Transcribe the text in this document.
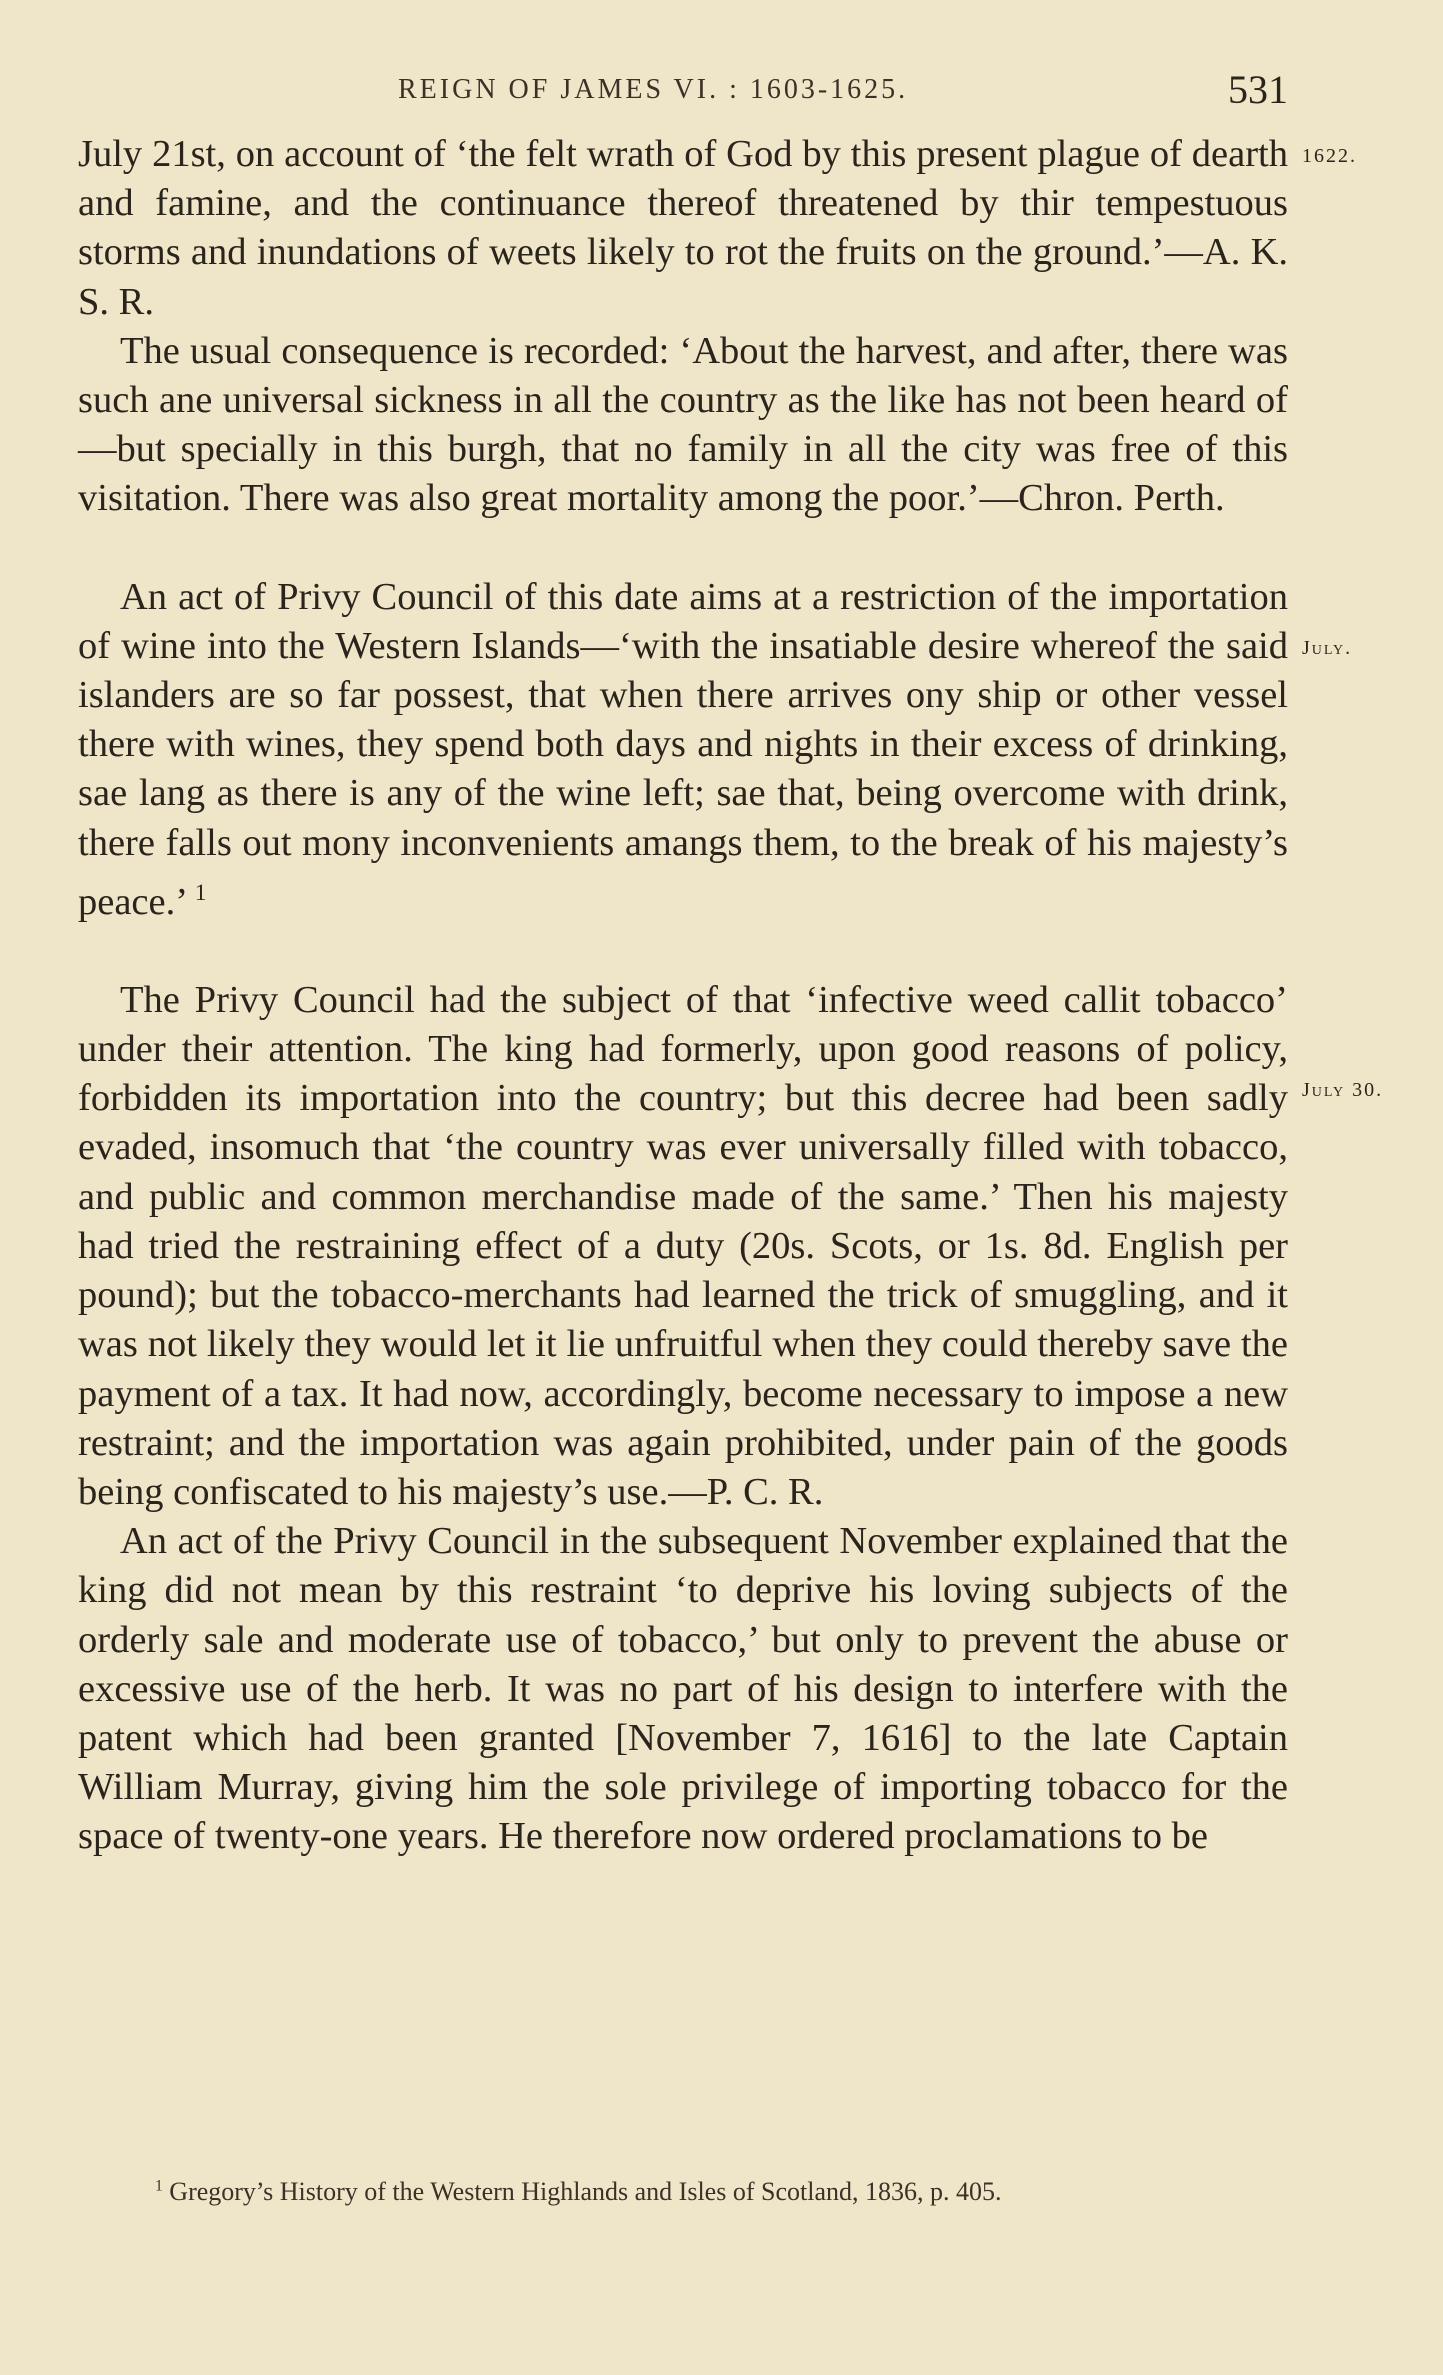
REIGN OF JAMES VI. : 1603-1625.	531
1622.
July.
July 30.

July 21st, on account of ‘the felt wrath of God by this present plague of dearth and famine, and the continuance thereof threatened by thir tempestuous storms and inundations of weets likely to rot the fruits on the ground.’—A. K. S. R.

The usual consequence is recorded: ‘About the harvest, and after, there was such ane universal sickness in all the country as the like has not been heard of—but specially in this burgh, that no family in all the city was free of this visitation. There was also great mortality among the poor.’—Chron. Perth.

An act of Privy Council of this date aims at a restriction of the importation of wine into the Western Islands—‘with the insatiable desire whereof the said islanders are so far possest, that when there arrives ony ship or other vessel there with wines, they spend both days and nights in their excess of drinking, sae lang as there is any of the wine left; sae that, being overcome with drink, there falls out mony inconvenients amangs them, to the break of his majesty’s peace.’ $^1$

The Privy Council had the subject of that ‘infective weed callit tobacco’ under their attention. The king had formerly, upon good reasons of policy, forbidden its importation into the country; but this decree had been sadly evaded, insomuch that ‘the country was ever universally filled with tobacco, and public and common merchandise made of the same.’ Then his majesty had tried the restraining effect of a duty (20s. Scots, or 1s. 8d. English per pound); but the tobacco-merchants had learned the trick of smuggling, and it was not likely they would let it lie unfruitful when they could thereby save the payment of a tax. It had now, accordingly, become necessary to impose a new restraint; and the importation was again prohibited, under pain of the goods being confiscated to his majesty’s use.—P. C. R.

An act of the Privy Council in the subsequent November explained that the king did not mean by this restraint ‘to deprive his loving subjects of the orderly sale and moderate use of tobacco,’ but only to prevent the abuse or excessive use of the herb. It was no part of his design to interfere with the patent which had been granted [November 7, 1616] to the late Captain William Murray, giving him the sole privilege of importing tobacco for the space of twenty-one years. He therefore now ordered proclamations to be

$^1$ Gregory’s History of the Western Highlands and Isles of Scotland, 1836, p. 405.
